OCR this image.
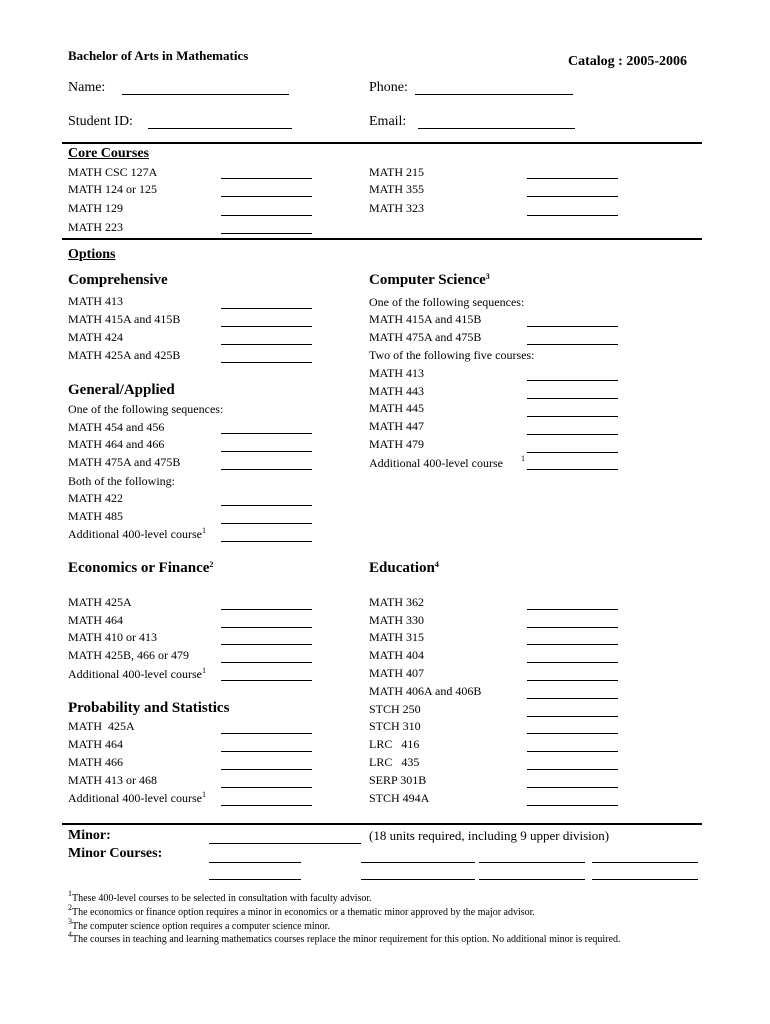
Bachelor of Arts in Mathematics	Catalog : 2005-2006
Name:	Phone:
Student ID:	Email:
Core Courses
MATH CSC 127A
MATH 124 or 125
MATH 129
MATH 223
MATH 215
MATH 355
MATH 323
Options
Comprehensive
MATH 413
MATH 415A and 415B
MATH 424
MATH 425A and 425B
General/Applied
One of the following sequences:
MATH 454 and 456
MATH 464 and 466
MATH 475A and 475B
Both of the following:
MATH 422
MATH 485
Additional 400-level course$^1$
Computer Science$^3$
One of the following sequences:
MATH 415A and 415B
MATH 475A and 475B
Two of the following five courses:
MATH 413
MATH 443
MATH 445
MATH 447
MATH 479
Additional 400-level course 1
Economics or Finance$^2$
MATH 425A
MATH 464
MATH 410 or 413
MATH 425B, 466 or 479
Additional 400-level course$^1$
Education$^4$
MATH 362
MATH 330
MATH 315
MATH 404
MATH 407
MATH 406A and 406B
STCH 250
STCH 310
LRC   416
LRC   435
SERP 301B
STCH 494A
Probability and Statistics
MATH  425A
MATH 464
MATH 466
MATH 413 or 468
Additional 400-level course$^1$
Minor:	(18 units required, including 9 upper division)
Minor Courses:
$^1$These 400-level courses to be selected in consultation with faculty advisor.
$^2$The economics or finance option requires a minor in economics or a thematic minor approved by the major advisor.
$^3$The computer science option requires a computer science minor.
$^4$The courses in teaching and learning mathematics courses replace the minor requirement for this option. No additional minor is required.
